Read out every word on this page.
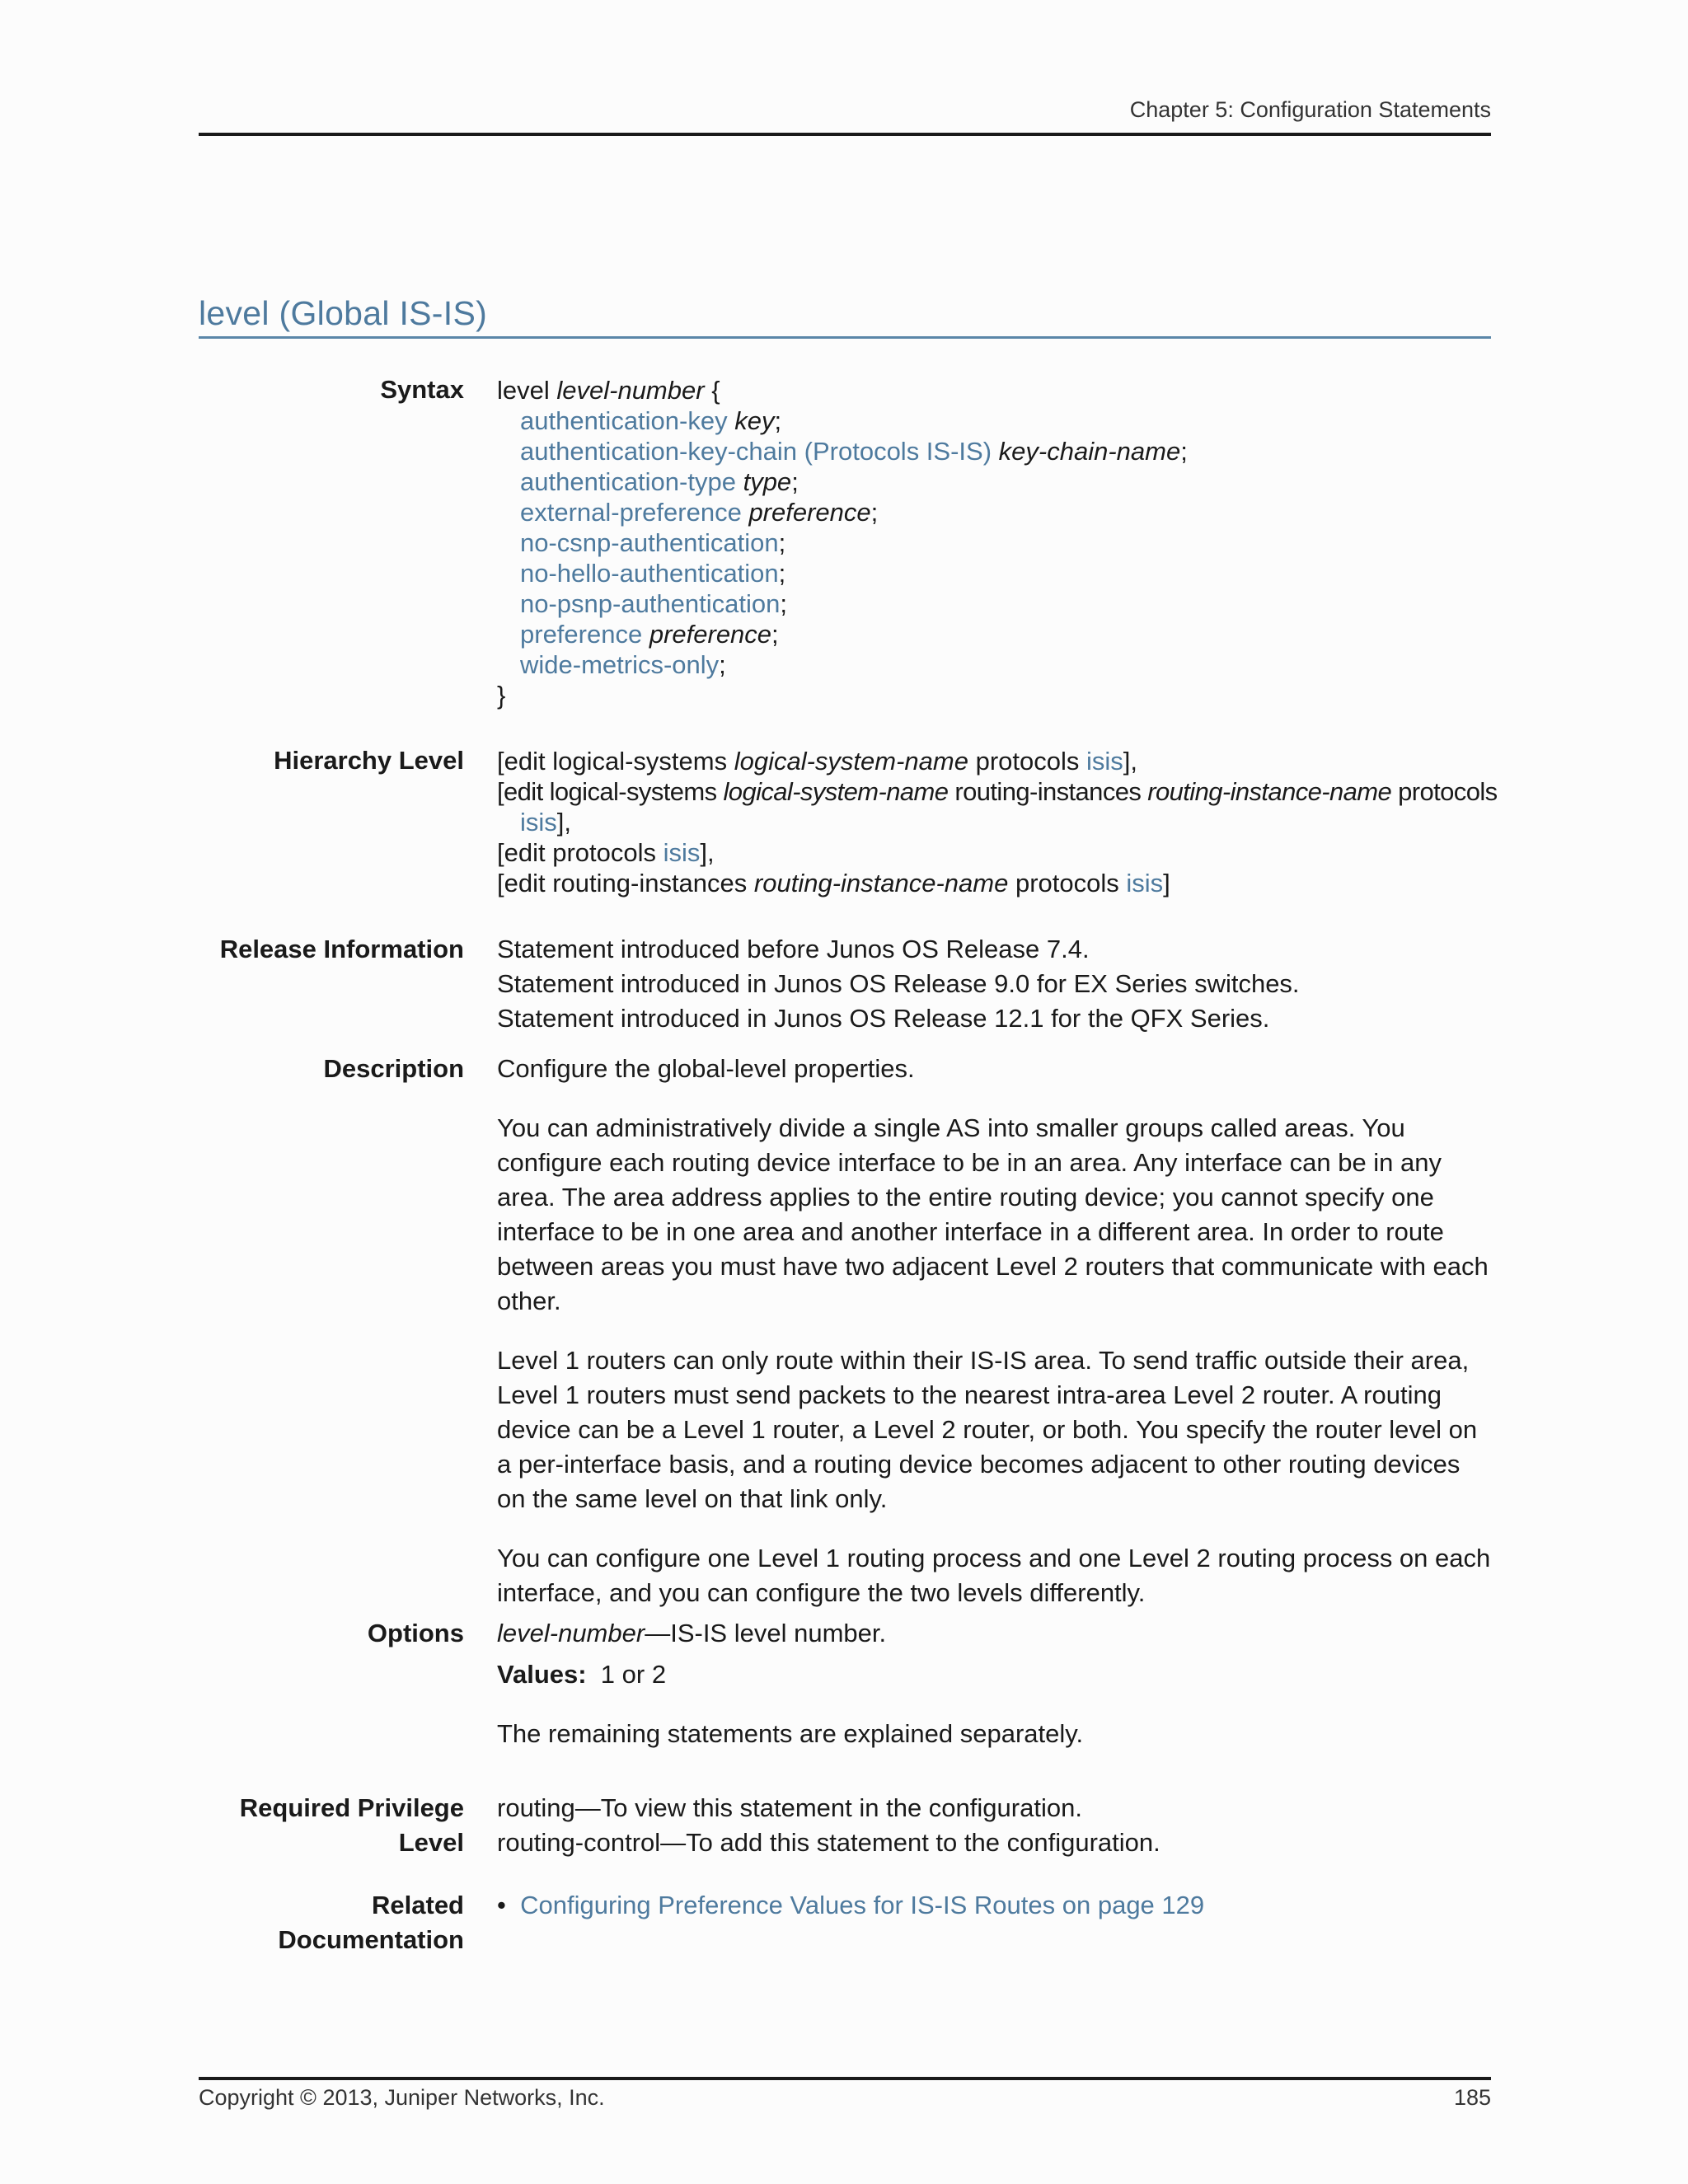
Chapter 5: Configuration Statements
level (Global IS-IS)
Syntax level level-number {
authentication-key key;
authentication-key-chain (Protocols IS-IS) key-chain-name;
authentication-type type;
external-preference preference;
no-csnp-authentication;
no-hello-authentication;
no-psnp-authentication;
preference preference;
wide-metrics-only;
}
Hierarchy Level [edit logical-systems logical-system-name protocols isis],
[edit logical-systems logical-system-name routing-instances routing-instance-name protocols
isis],
[edit protocols isis],
[edit routing-instances routing-instance-name protocols isis]
Release Information Statement introduced before Junos OS Release 7.4.
Statement introduced in Junos OS Release 9.0 for EX Series switches.
Statement introduced in Junos OS Release 12.1 for the QFX Series.
Description Configure the global-level properties.

You can administratively divide a single AS into smaller groups called areas. You configure each routing device interface to be in an area. Any interface can be in any area. The area address applies to the entire routing device; you cannot specify one interface to be in one area and another interface in a different area. In order to route between areas you must have two adjacent Level 2 routers that communicate with each other.

Level 1 routers can only route within their IS-IS area. To send traffic outside their area, Level 1 routers must send packets to the nearest intra-area Level 2 router. A routing device can be a Level 1 router, a Level 2 router, or both. You specify the router level on a per-interface basis, and a routing device becomes adjacent to other routing devices on the same level on that link only.

You can configure one Level 1 routing process and one Level 2 routing process on each interface, and you can configure the two levels differently.

Options level-number—IS-IS level number.
Values: 1 or 2
The remaining statements are explained separately.
Required Privilege
Level
routing—To view this statement in the configuration.
routing-control—To add this statement to the configuration.
Related
Documentation
• Configuring Preference Values for IS-IS Routes on page 129
Copyright © 2013, Juniper Networks, Inc.	185
